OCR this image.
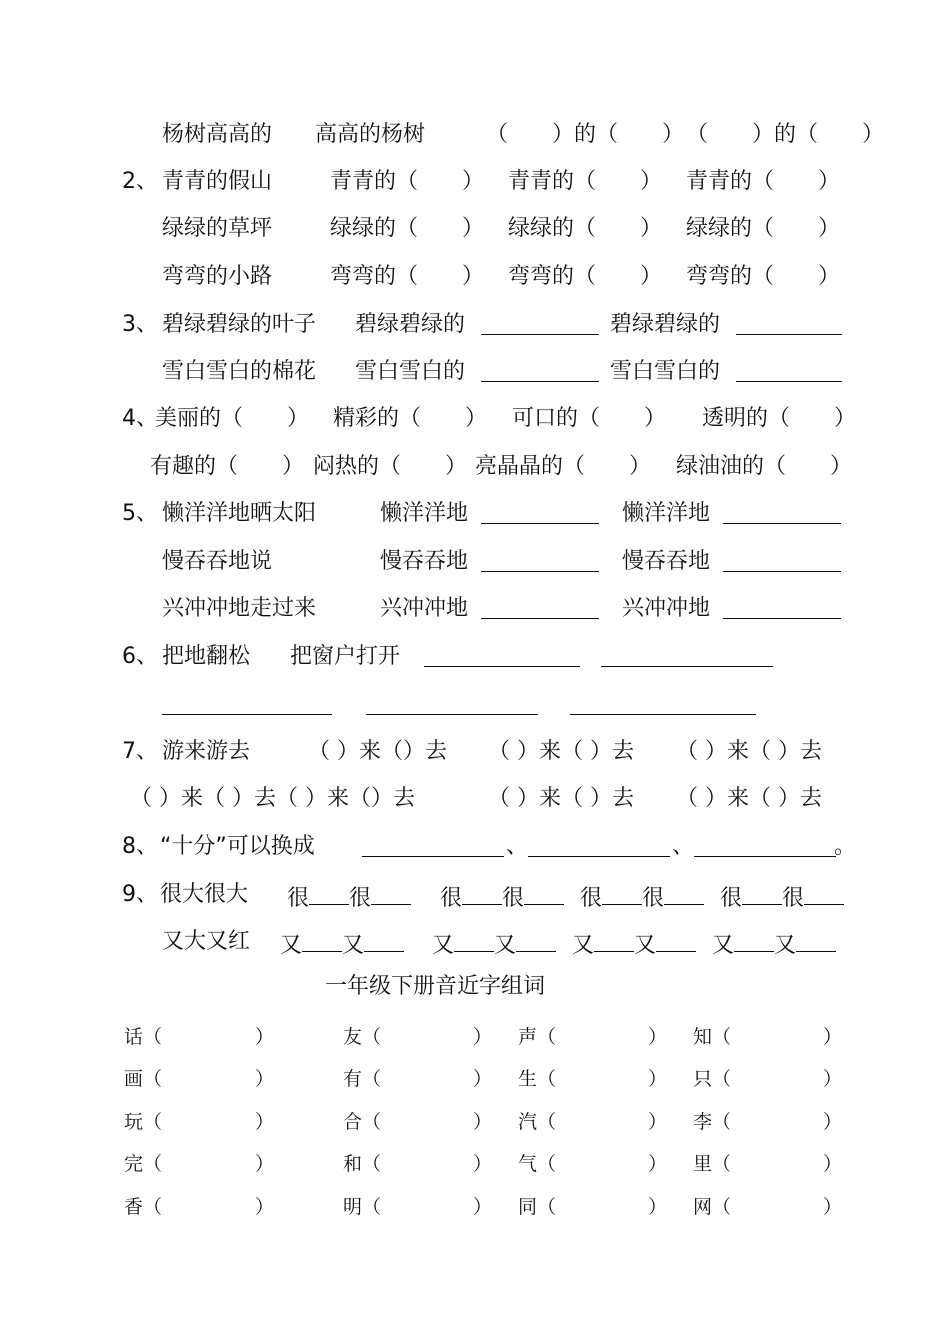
杨树高高的 高高的杨树	（　　）的（　　） （　　）的（　　）
2、 青青的假山	青青的（　　） 青青的（　　） 青青的（　　）
绿绿的草坪	绿绿的（　　） 绿绿的（　　） 绿绿的（　　）
弯弯的小路	弯弯的（　　） 弯弯的（　　） 弯弯的（　　）
3、 碧绿碧绿的叶子 碧绿碧绿的	碧绿碧绿的
雪白雪白的棉花 雪白雪白的	雪白雪白的
4、
美丽的（　　） 精彩的（　　） 可口的（　　） 透明的（　　）
有趣的（　　） 闷热的（　　） 亮晶晶的（　　） 绿油油的（　　）
5、 懒洋洋地晒太阳	懒洋洋地	懒洋洋地
慢吞吞地说	慢吞吞地	慢吞吞地
兴冲冲地走过来	兴冲冲地	兴冲冲地
6、 把地翻松 把窗户打开
7、 游来游去	（ ）来（）去 （ ）来（ ）去 （ ）来（ ）去
（ ）来（ ）去（ ）来（）去	（ ）来（ ）去 （ ）来（ ）去
8、 “十分”可以换成	、	、	。
9、 很大很大 很 很	很 很	很 很	很 很
又大又红 又 又	又 又	又 又	又 又
一年级下册音近字组词
话（	）	友（	） 声（	） 知（	）
画（	）	有（	） 生（	） 只（	）
玩（	）	合（	） 汽（	） 李（	）
完（	）	和（	） 气（	） 里（	）
香（	）	明（	） 同（	） 网（	）
